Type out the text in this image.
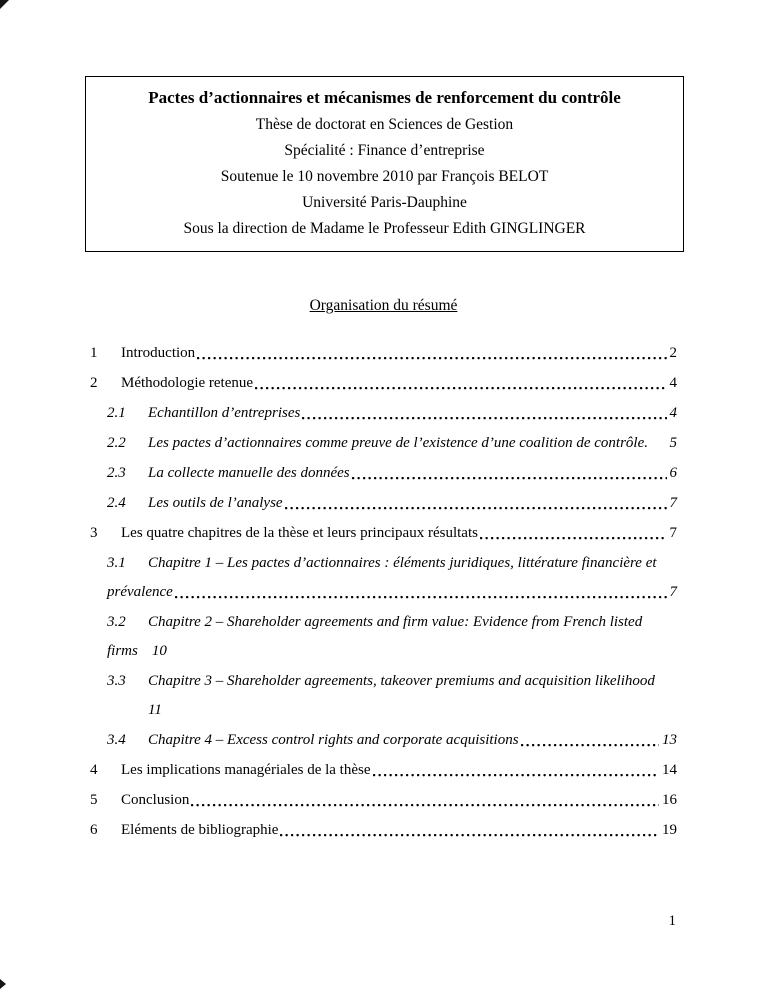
Pactes d’actionnaires et mécanismes de renforcement du contrôle
Thèse de doctorat en Sciences de Gestion
Spécialité : Finance d’entreprise
Soutenue le 10 novembre 2010 par François BELOT
Université Paris-Dauphine
Sous la direction de Madame le Professeur Edith GINGLINGER
Organisation du résumé
1	Introduction	2
2	Méthodologie retenue	4
2.1	Echantillon d’entreprises	4
2.2	Les pactes d’actionnaires comme preuve de l’existence d’une coalition de contrôle. 5
2.3	La collecte manuelle des données	6
2.4	Les outils de l’analyse	7
3	Les quatre chapitres de la thèse et leurs principaux résultats	7
3.1	Chapitre 1 – Les pactes d’actionnaires : éléments juridiques, littérature financière et
prévalence	7
3.2	Chapitre 2 – Shareholder agreements and firm value: Evidence from French listed
firms 10
3.3	Chapitre 3 – Shareholder agreements, takeover premiums and acquisition likelihood
11
3.4	Chapitre 4 – Excess control rights and corporate acquisitions	13
4	Les implications managériales de la thèse	14
5	Conclusion	16
6	Eléments de bibliographie	19
1
